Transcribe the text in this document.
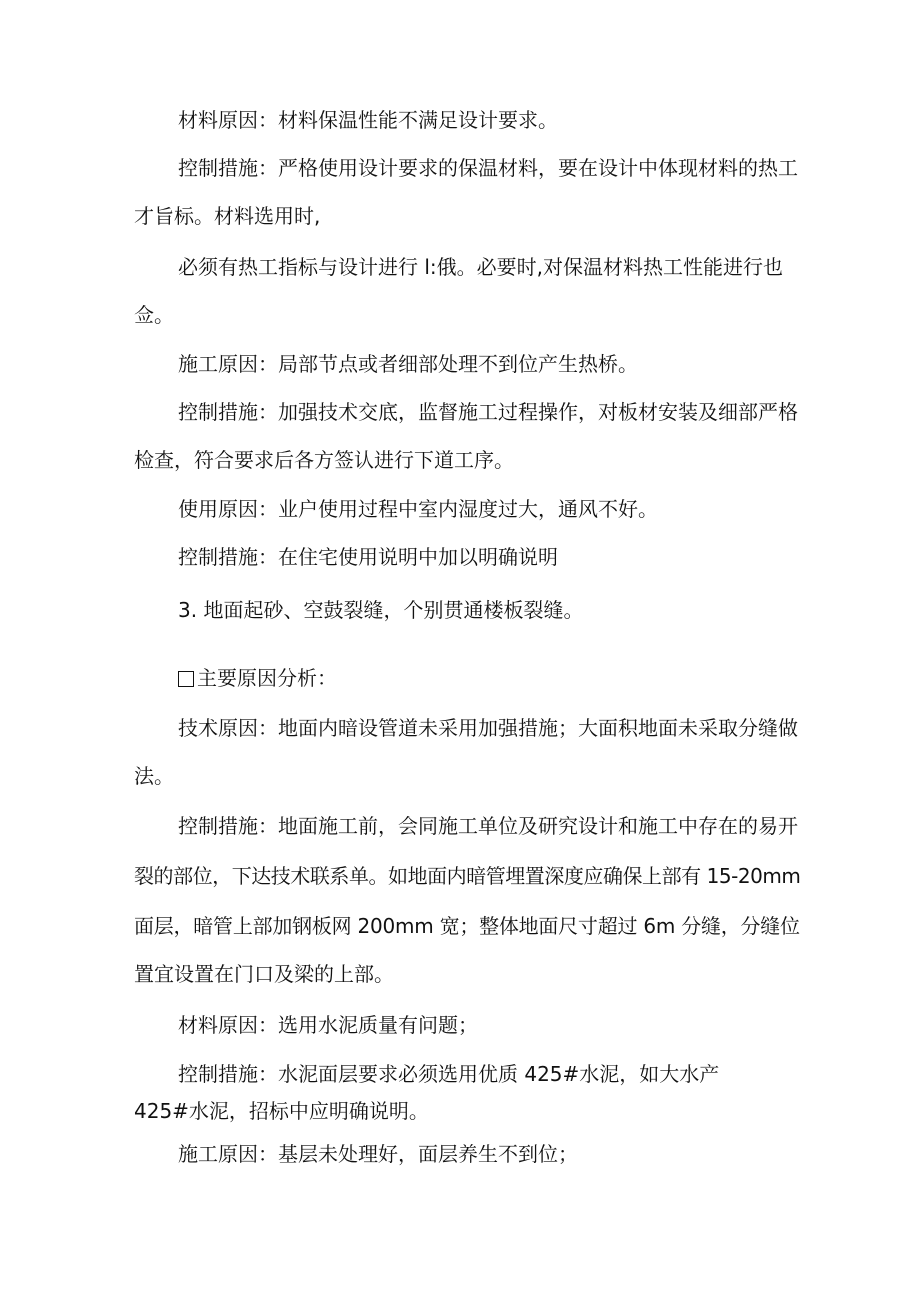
材料原因：材料保温性能不满足设计要求。

控制措施：严格使用设计要求的保温材料，要在设计中体现材料的热工

才旨标。材料选用时,

必须有热工指标与设计进行 l:俄。必要时,对保温材料热工性能进行也

佥。

施工原因：局部节点或者细部处理不到位产生热桥。

控制措施：加强技术交底，监督施工过程操作，对板材安装及细部严格

检查，符合要求后各方签认进行下道工序。

使用原因：业户使用过程中室内湿度过大，通风不好。

控制措施：在住宅使用说明中加以明确说明

3. 地面起砂、空鼓裂缝，个别贯通楼板裂缝。

主要原因分析：

技术原因：地面内暗设管道未采用加强措施；大面积地面未采取分缝做

法。

控制措施：地面施工前，会同施工单位及研究设计和施工中存在的易开

裂的部位，下达技术联系单。如地面内暗管埋置深度应确保上部有 15-20mm

面层，暗管上部加钢板网 200mm 宽；整体地面尺寸超过 6m 分缝，分缝位

置宜设置在门口及梁的上部。

材料原因：选用水泥质量有问题；

控制措施：水泥面层要求必须选用优质 425#水泥，如大水产

425#水泥，招标中应明确说明。

施工原因：基层未处理好，面层养生不到位；
